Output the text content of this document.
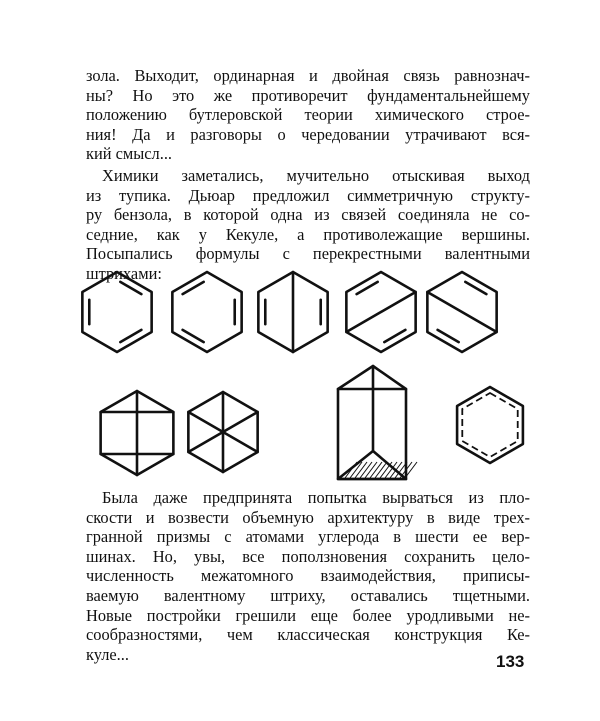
зола. Выходит, ординарная и двойная связь равнознач-
ны? Но это же противоречит фундаментальнейшему
положению бутлеровской теории химического строе-
ния! Да и разговоры о чередовании утрачивают вся-
кий смысл...
Химики заметались, мучительно отыскивая выход
из тупика. Дьюар предложил симметричную структу-
ру бензола, в которой одна из связей соединяла не со-
седние, как у Кекуле, а противолежащие вершины.
Посыпались формулы с перекрестными валентными
штрихами:
Была даже предпринята попытка вырваться из пло-
скости и возвести объемную архитектуру в виде трех-
гранной призмы с атомами углерода в шести ее вер-
шинах. Но, увы, все поползновения сохранить цело-
численность межатомного взаимодействия, приписы-
ваемую валентному штриху, оставались тщетными.
Новые постройки грешили еще более уродливыми не-
сообразностями, чем классическая конструкция Ке-
куле...	133
